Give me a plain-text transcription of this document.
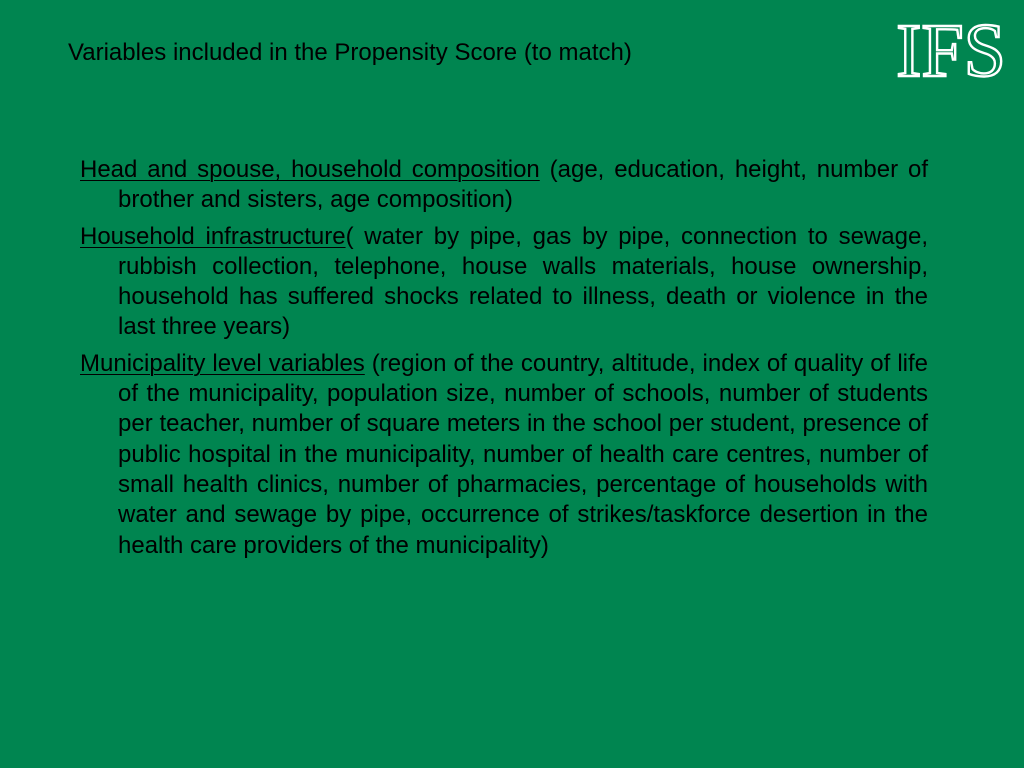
Variables included in the Propensity Score (to match)	IFS

Head and spouse, household composition (age, education, height, number of brother and sisters, age composition)

Household infrastructure( water by pipe, gas by pipe, connection to sewage, rubbish collection, telephone, house walls materials, house ownership, household has suffered shocks related to illness, death or violence in the last three years)

Municipality level variables (region of the country, altitude, index of quality of life of the municipality, population size, number of schools, number of students per teacher, number of square meters in the school per student, presence of public hospital in the municipality, number of health care centres, number of small health clinics, number of pharmacies, percentage of households with water and sewage by pipe, occurrence of strikes/taskforce desertion in the health care providers of the municipality)
